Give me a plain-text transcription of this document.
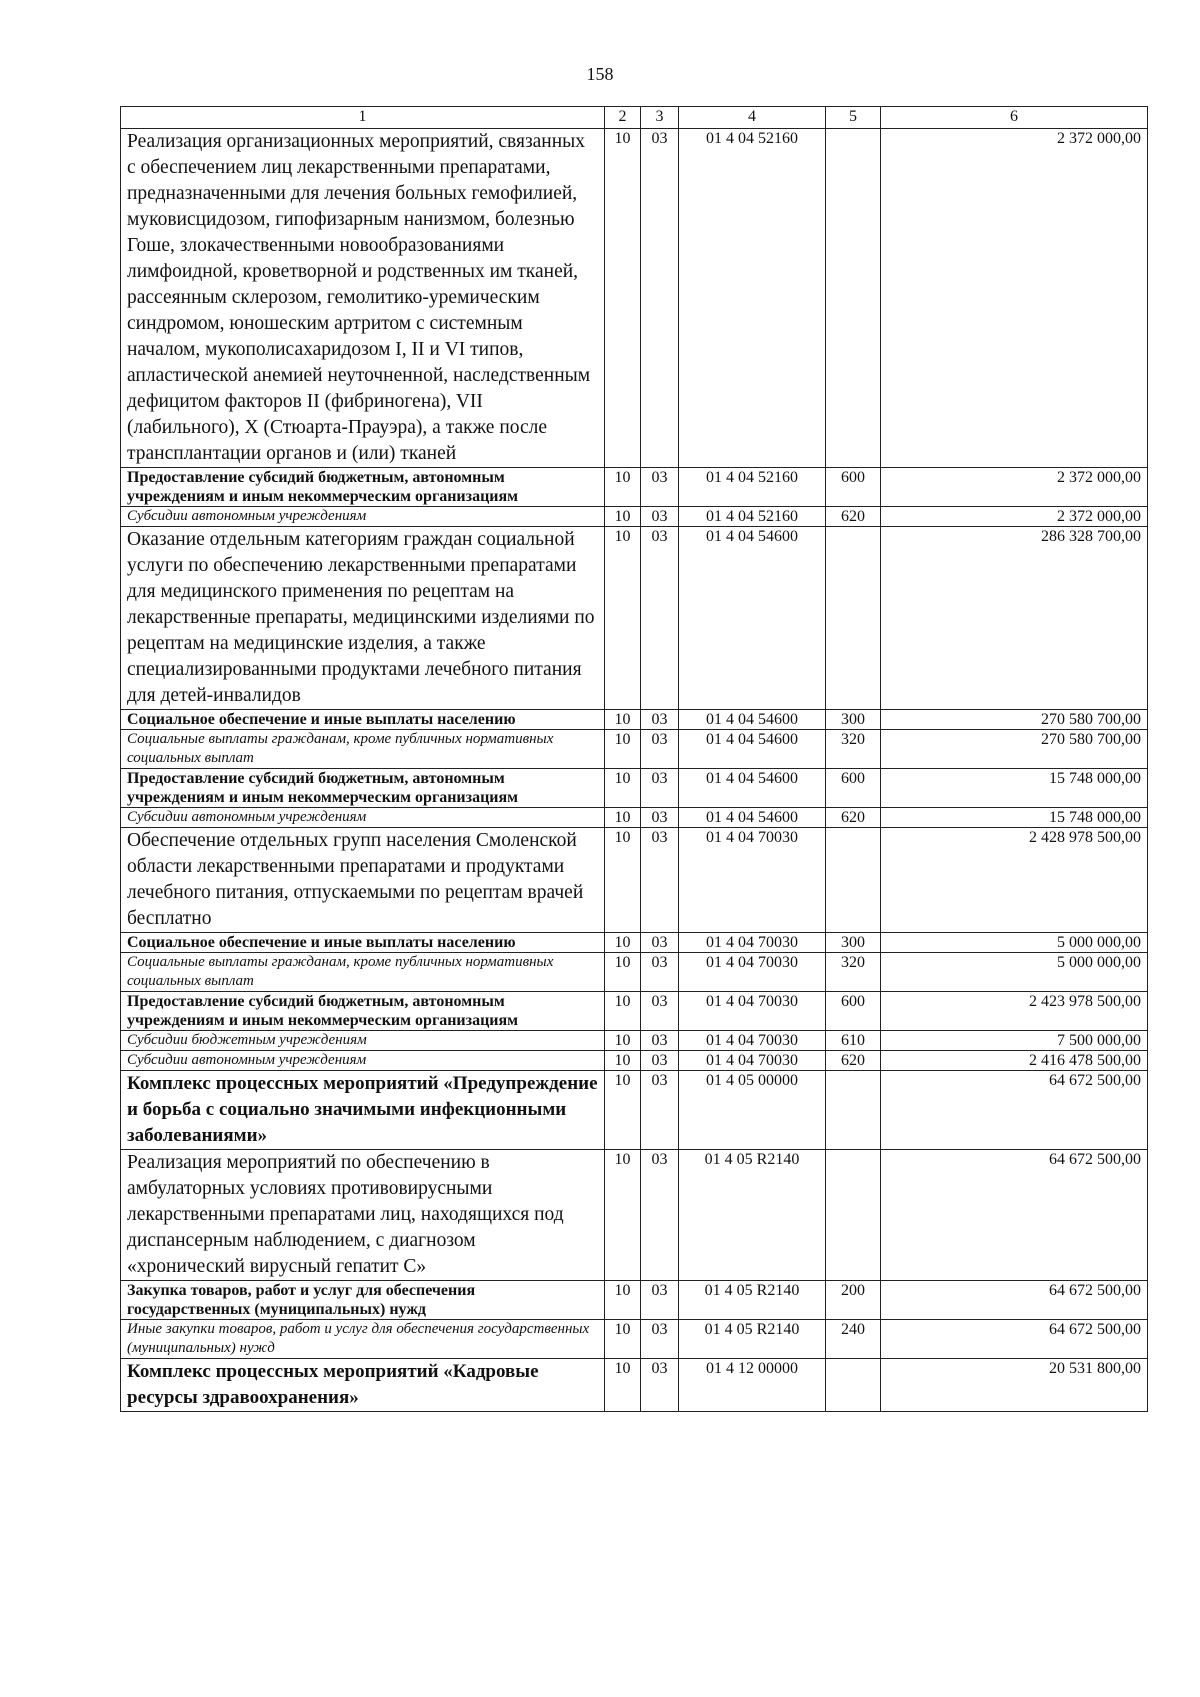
158
1	2	3	4	5	6
Реализация организационных мероприятий, связанных с обеспечением лиц лекарственными препаратами, предназначенными для лечения больных гемофилией, муковисцидозом, гипофизарным нанизмом, болезнью Гоше, злокачественными новообразованиями лимфоидной, кроветворной и родственных им тканей, рассеянным склерозом, гемолитико-уремическим синдромом, юношеским артритом с системным началом, мукополисахаридозом I, II и VI типов, апластической анемией неуточненной, наследственным дефицитом факторов II (фибриногена), VII (лабильного), X (Стюарта-Прауэра), а также после трансплантации органов и (или) тканей	10	03	01 4 04 52160		2 372 000,00
Предоставление субсидий бюджетным, автономным учреждениям и иным некоммерческим организациям	10	03	01 4 04 52160	600	2 372 000,00
Субсидии автономным учреждениям	10	03	01 4 04 52160	620	2 372 000,00
Оказание отдельным категориям граждан социальной услуги по обеспечению лекарственными препаратами для медицинского применения по рецептам на лекарственные препараты, медицинскими изделиями по рецептам на медицинские изделия, а также специализированными продуктами лечебного питания для детей-инвалидов	10	03	01 4 04 54600		286 328 700,00
Социальное обеспечение и иные выплаты населению	10	03	01 4 04 54600	300	270 580 700,00
Социальные выплаты гражданам, кроме публичных нормативных социальных выплат	10	03	01 4 04 54600	320	270 580 700,00
Предоставление субсидий бюджетным, автономным учреждениям и иным некоммерческим организациям	10	03	01 4 04 54600	600	15 748 000,00
Субсидии автономным учреждениям	10	03	01 4 04 54600	620	15 748 000,00
Обеспечение отдельных групп населения Смоленской области лекарственными препаратами и продуктами лечебного питания, отпускаемыми по рецептам врачей бесплатно	10	03	01 4 04 70030		2 428 978 500,00
Социальное обеспечение и иные выплаты населению	10	03	01 4 04 70030	300	5 000 000,00
Социальные выплаты гражданам, кроме публичных нормативных социальных выплат	10	03	01 4 04 70030	320	5 000 000,00
Предоставление субсидий бюджетным, автономным учреждениям и иным некоммерческим организациям	10	03	01 4 04 70030	600	2 423 978 500,00
Субсидии бюджетным учреждениям	10	03	01 4 04 70030	610	7 500 000,00
Субсидии автономным учреждениям	10	03	01 4 04 70030	620	2 416 478 500,00
Комплекс процессных мероприятий «Предупреждение и борьба с социально значимыми инфекционными заболеваниями»	10	03	01 4 05 00000		64 672 500,00
Реализация мероприятий по обеспечению в амбулаторных условиях противовирусными лекарственными препаратами лиц, находящихся под диспансерным наблюдением, с диагнозом «хронический вирусный гепатит С»	10	03	01 4 05 R2140		64 672 500,00
Закупка товаров, работ и услуг для обеспечения государственных (муниципальных) нужд	10	03	01 4 05 R2140	200	64 672 500,00
Иные закупки товаров, работ и услуг для обеспечения государственных (муниципальных) нужд	10	03	01 4 05 R2140	240	64 672 500,00
Комплекс процессных мероприятий «Кадровые ресурсы здравоохранения»	10	03	01 4 12 00000		20 531 800,00
